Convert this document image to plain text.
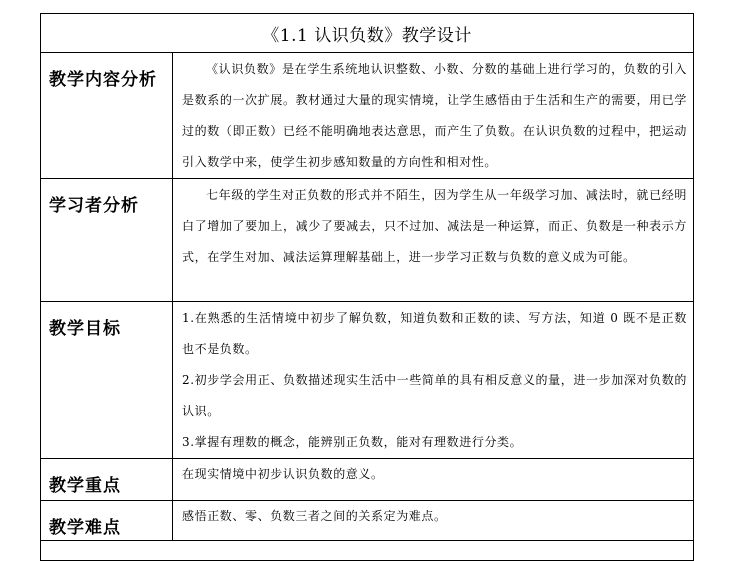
《1.1 认识负数》教学设计	
教学内容分析	《认识负数》是在学生系统地认识整数、小数、分数的基础上进行学习的，负数的引入是数系的一次扩展。教材通过大量的现实情境，让学生感悟由于生活和生产的需要，用已学过的数（即正数）已经不能明确地表达意思，而产生了负数。在认识负数的过程中，把运动引入数学中来，使学生初步感知数量的方向性和相对性。

学习者分析	七年级的学生对正负数的形式并不陌生，因为学生从一年级学习加、减法时，就已经明白了增加了要加上，减少了要减去，只不过加、减法是一种运算，而正、负数是一种表示方式，在学生对加、减法运算理解基础上，进一步学习正数与负数的意义成为可能。

教学目标	1.在熟悉的生活情境中初步了解负数，知道负数和正数的读、写方法，知道 0 既不是正数也不是负数。

2.初步学会用正、负数描述现实生活中一些简单的具有相反意义的量，进一步加深对负数的认识。

3.掌握有理数的概念，能辨别正负数，能对有理数进行分类。

教学重点	在现实情境中初步认识负数的意义。
教学难点	感悟正数、零、负数三者之间的关系定为难点。
